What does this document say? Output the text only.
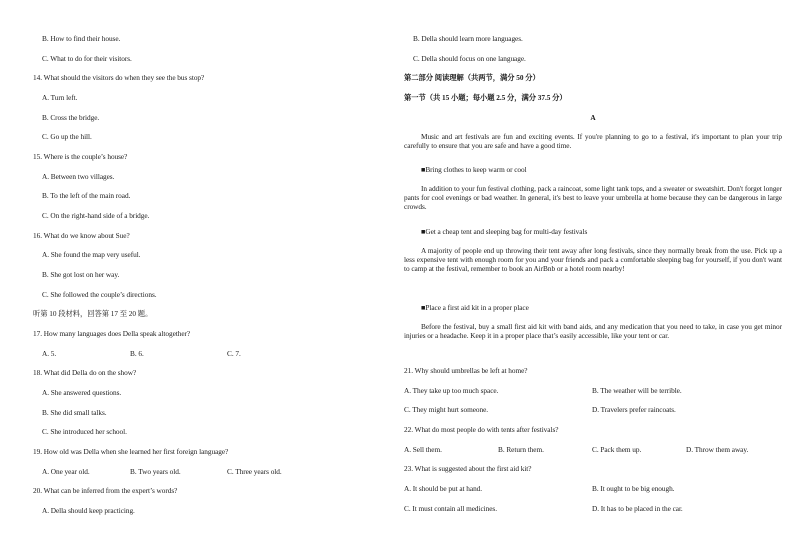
B. How to find their house.
C. What to do for their visitors.
14. What should the visitors do when they see the bus stop?
A. Turn left.
B. Cross the bridge.
C. Go up the hill.
15. Where is the couple’s house?
A. Between two villages.
B. To the left of the main road.
C. On the right-hand side of a bridge.
16. What do we know about Sue?
A. She found the map very useful.
B. She got lost on her way.
C. She followed the couple’s directions.
听第 10 段材料，回答第 17 至 20 题。
17. How many languages does Della speak altogether?
A. 5.	B. 6.	C. 7.
18. What did Della do on the show?
A. She answered questions.
B. She did small talks.
C. She introduced her school.
19. How old was Della when she learned her first foreign language?
A. One year old.	B. Two years old.	C. Three years old.
20. What can be inferred from the expert’s words?
A. Della should keep practicing.
B. Della should learn more languages.
C. Della should focus on one language.
第二部分 阅读理解（共两节，满分 50 分）
第一节（共 15 小题；每小题 2.5 分，满分 37.5 分）
A
Music and art festivals are fun and exciting events. If you're planning to go to a festival, it's important to plan your trip carefully to ensure that you are safe and have a good time.
■Bring clothes to keep warm or cool
In addition to your fun festival clothing, pack a raincoat, some light tank tops, and a sweater or sweatshirt. Don't forget longer pants for cool evenings or bad weather. In general, it's best to leave your umbrella at home because they can be dangerous in large crowds.
■Get a cheap tent and sleeping bag for multi-day festivals
A majority of people end up throwing their tent away after long festivals, since they normally break from the use. Pick up a less expensive tent with enough room for you and your friends and pack a comfortable sleeping bag for yourself, if you don't want to camp at the festival, remember to book an AirBnb or a hotel room nearby!
■Place a first aid kit in a proper place
Before the festival, buy a small first aid kit with band aids, and any medication that you need to take, in case you get minor injuries or a headache. Keep it in a proper place that’s easily accessible, like your tent or car.
21. Why should umbrellas be left at home?
A. They take up too much space.	B. The weather will be terrible.
C. They might hurt someone.	D. Travelers prefer raincoats.
22. What do most people do with tents after festivals?
A. Sell them.	B. Return them.	C. Pack them up.	D. Throw them away.
23. What is suggested about the first aid kit?
A. It should be put at hand.	B. It ought to be big enough.
C. It must contain all medicines.	D. It has to be placed in the car.
